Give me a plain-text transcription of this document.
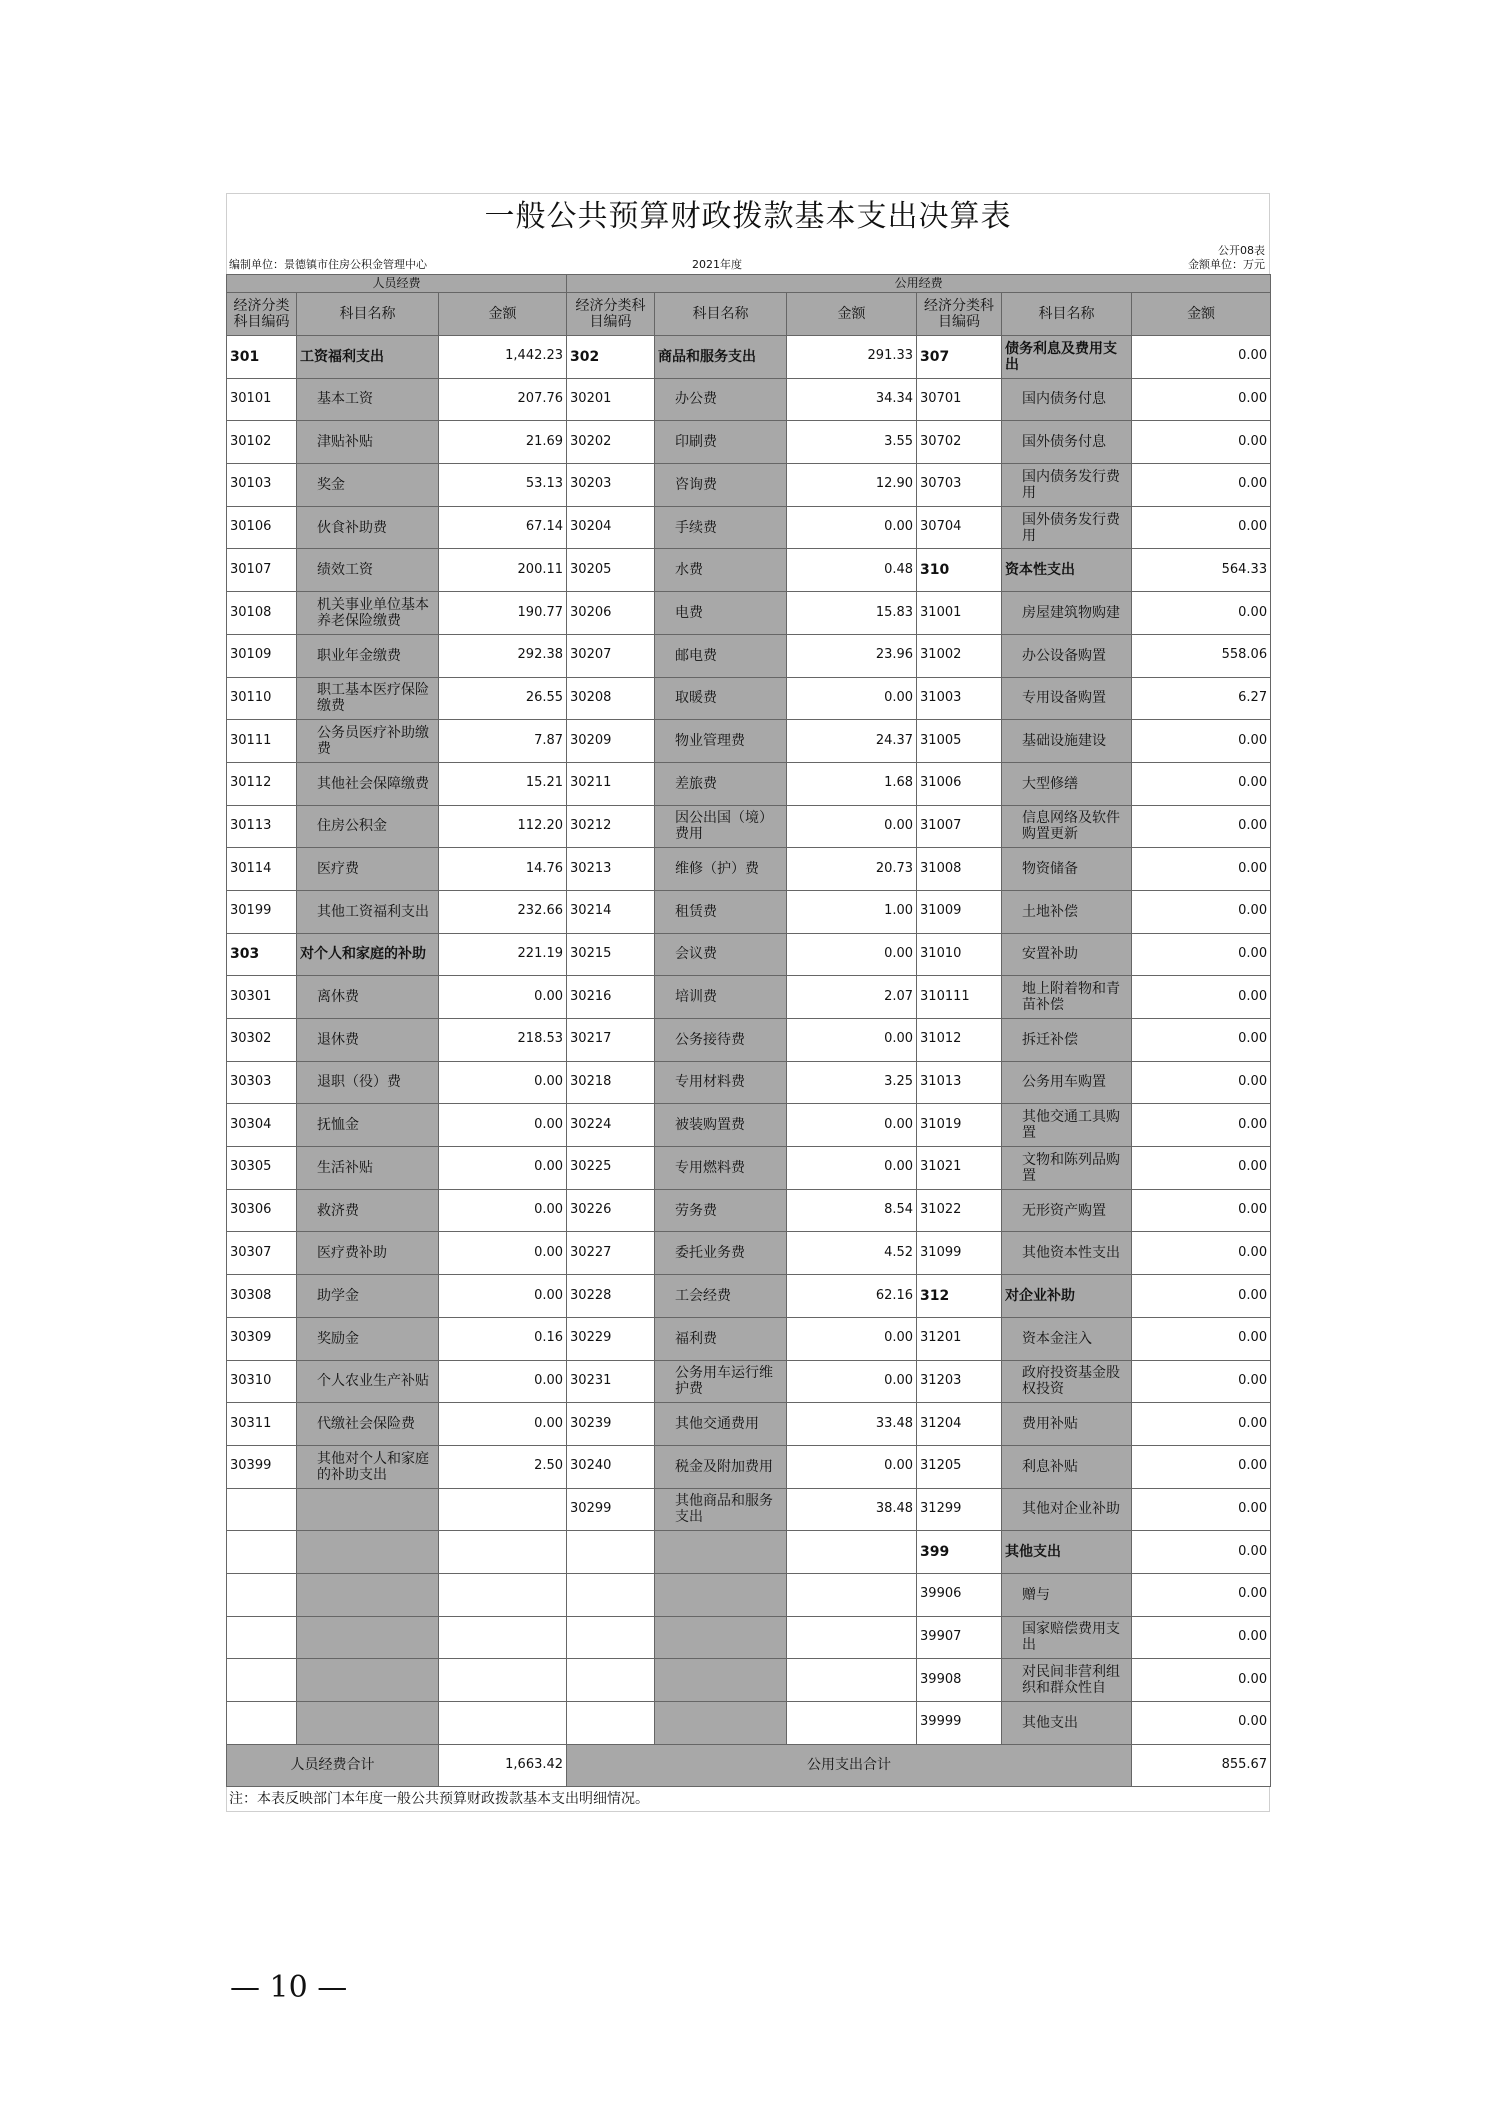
一般公共预算财政拨款基本支出决算表
公开08表
编制单位：景德镇市住房公积金管理中心	2021年度	金额单位：万元
人员经费			公用经费					
经济分类科目编码	科目名称	金额	经济分类科目编码	科目名称	金额	经济分类科目编码	科目名称	金额
301	工资福利支出	1,442.23	302	商品和服务支出	291.33	307	债务利息及费用支出	0.00
30101	基本工资	207.76	30201	办公费	34.34	30701	国内债务付息	0.00
30102	津贴补贴	21.69	30202	印刷费	3.55	30702	国外债务付息	0.00
30103	奖金	53.13	30203	咨询费	12.90	30703	国内债务发行费用	0.00
30106	伙食补助费	67.14	30204	手续费	0.00	30704	国外债务发行费用	0.00
30107	绩效工资	200.11	30205	水费	0.48	310	资本性支出	564.33
30108	机关事业单位基本养老保险缴费	190.77	30206	电费	15.83	31001	房屋建筑物购建	0.00
30109	职业年金缴费	292.38	30207	邮电费	23.96	31002	办公设备购置	558.06
30110	职工基本医疗保险缴费	26.55	30208	取暖费	0.00	31003	专用设备购置	6.27
30111	公务员医疗补助缴费	7.87	30209	物业管理费	24.37	31005	基础设施建设	0.00
30112	其他社会保障缴费	15.21	30211	差旅费	1.68	31006	大型修缮	0.00
30113	住房公积金	112.20	30212	因公出国（境）费用	0.00	31007	信息网络及软件购置更新	0.00
30114	医疗费	14.76	30213	维修（护）费	20.73	31008	物资储备	0.00
30199	其他工资福利支出	232.66	30214	租赁费	1.00	31009	土地补偿	0.00
303	对个人和家庭的补助	221.19	30215	会议费	0.00	31010	安置补助	0.00
30301	离休费	0.00	30216	培训费	2.07	310111	地上附着物和青苗补偿	0.00
30302	退休费	218.53	30217	公务接待费	0.00	31012	拆迁补偿	0.00
30303	退职（役）费	0.00	30218	专用材料费	3.25	31013	公务用车购置	0.00
30304	抚恤金	0.00	30224	被装购置费	0.00	31019	其他交通工具购置	0.00
30305	生活补贴	0.00	30225	专用燃料费	0.00	31021	文物和陈列品购置	0.00
30306	救济费	0.00	30226	劳务费	8.54	31022	无形资产购置	0.00
30307	医疗费补助	0.00	30227	委托业务费	4.52	31099	其他资本性支出	0.00
30308	助学金	0.00	30228	工会经费	62.16	312	对企业补助	0.00
30309	奖励金	0.16	30229	福利费	0.00	31201	资本金注入	0.00
30310	个人农业生产补贴	0.00	30231	公务用车运行维护费	0.00	31203	政府投资基金股权投资	0.00
30311	代缴社会保险费	0.00	30239	其他交通费用	33.48	31204	费用补贴	0.00
30399	其他对个人和家庭的补助支出	2.50	30240	税金及附加费用	0.00	31205	利息补贴	0.00
			30299	其他商品和服务支出	38.48	31299	其他对企业补助	0.00
						399	其他支出	0.00
						39906	赠与	0.00
						39907	国家赔偿费用支出	0.00
						39908	对民间非营利组织和群众性自	0.00
						39999	其他支出	0.00
人员经费合计		1,663.42	公用支出合计					855.67
注：本表反映部门本年度一般公共预算财政拨款基本支出明细情况。
— 10 —
